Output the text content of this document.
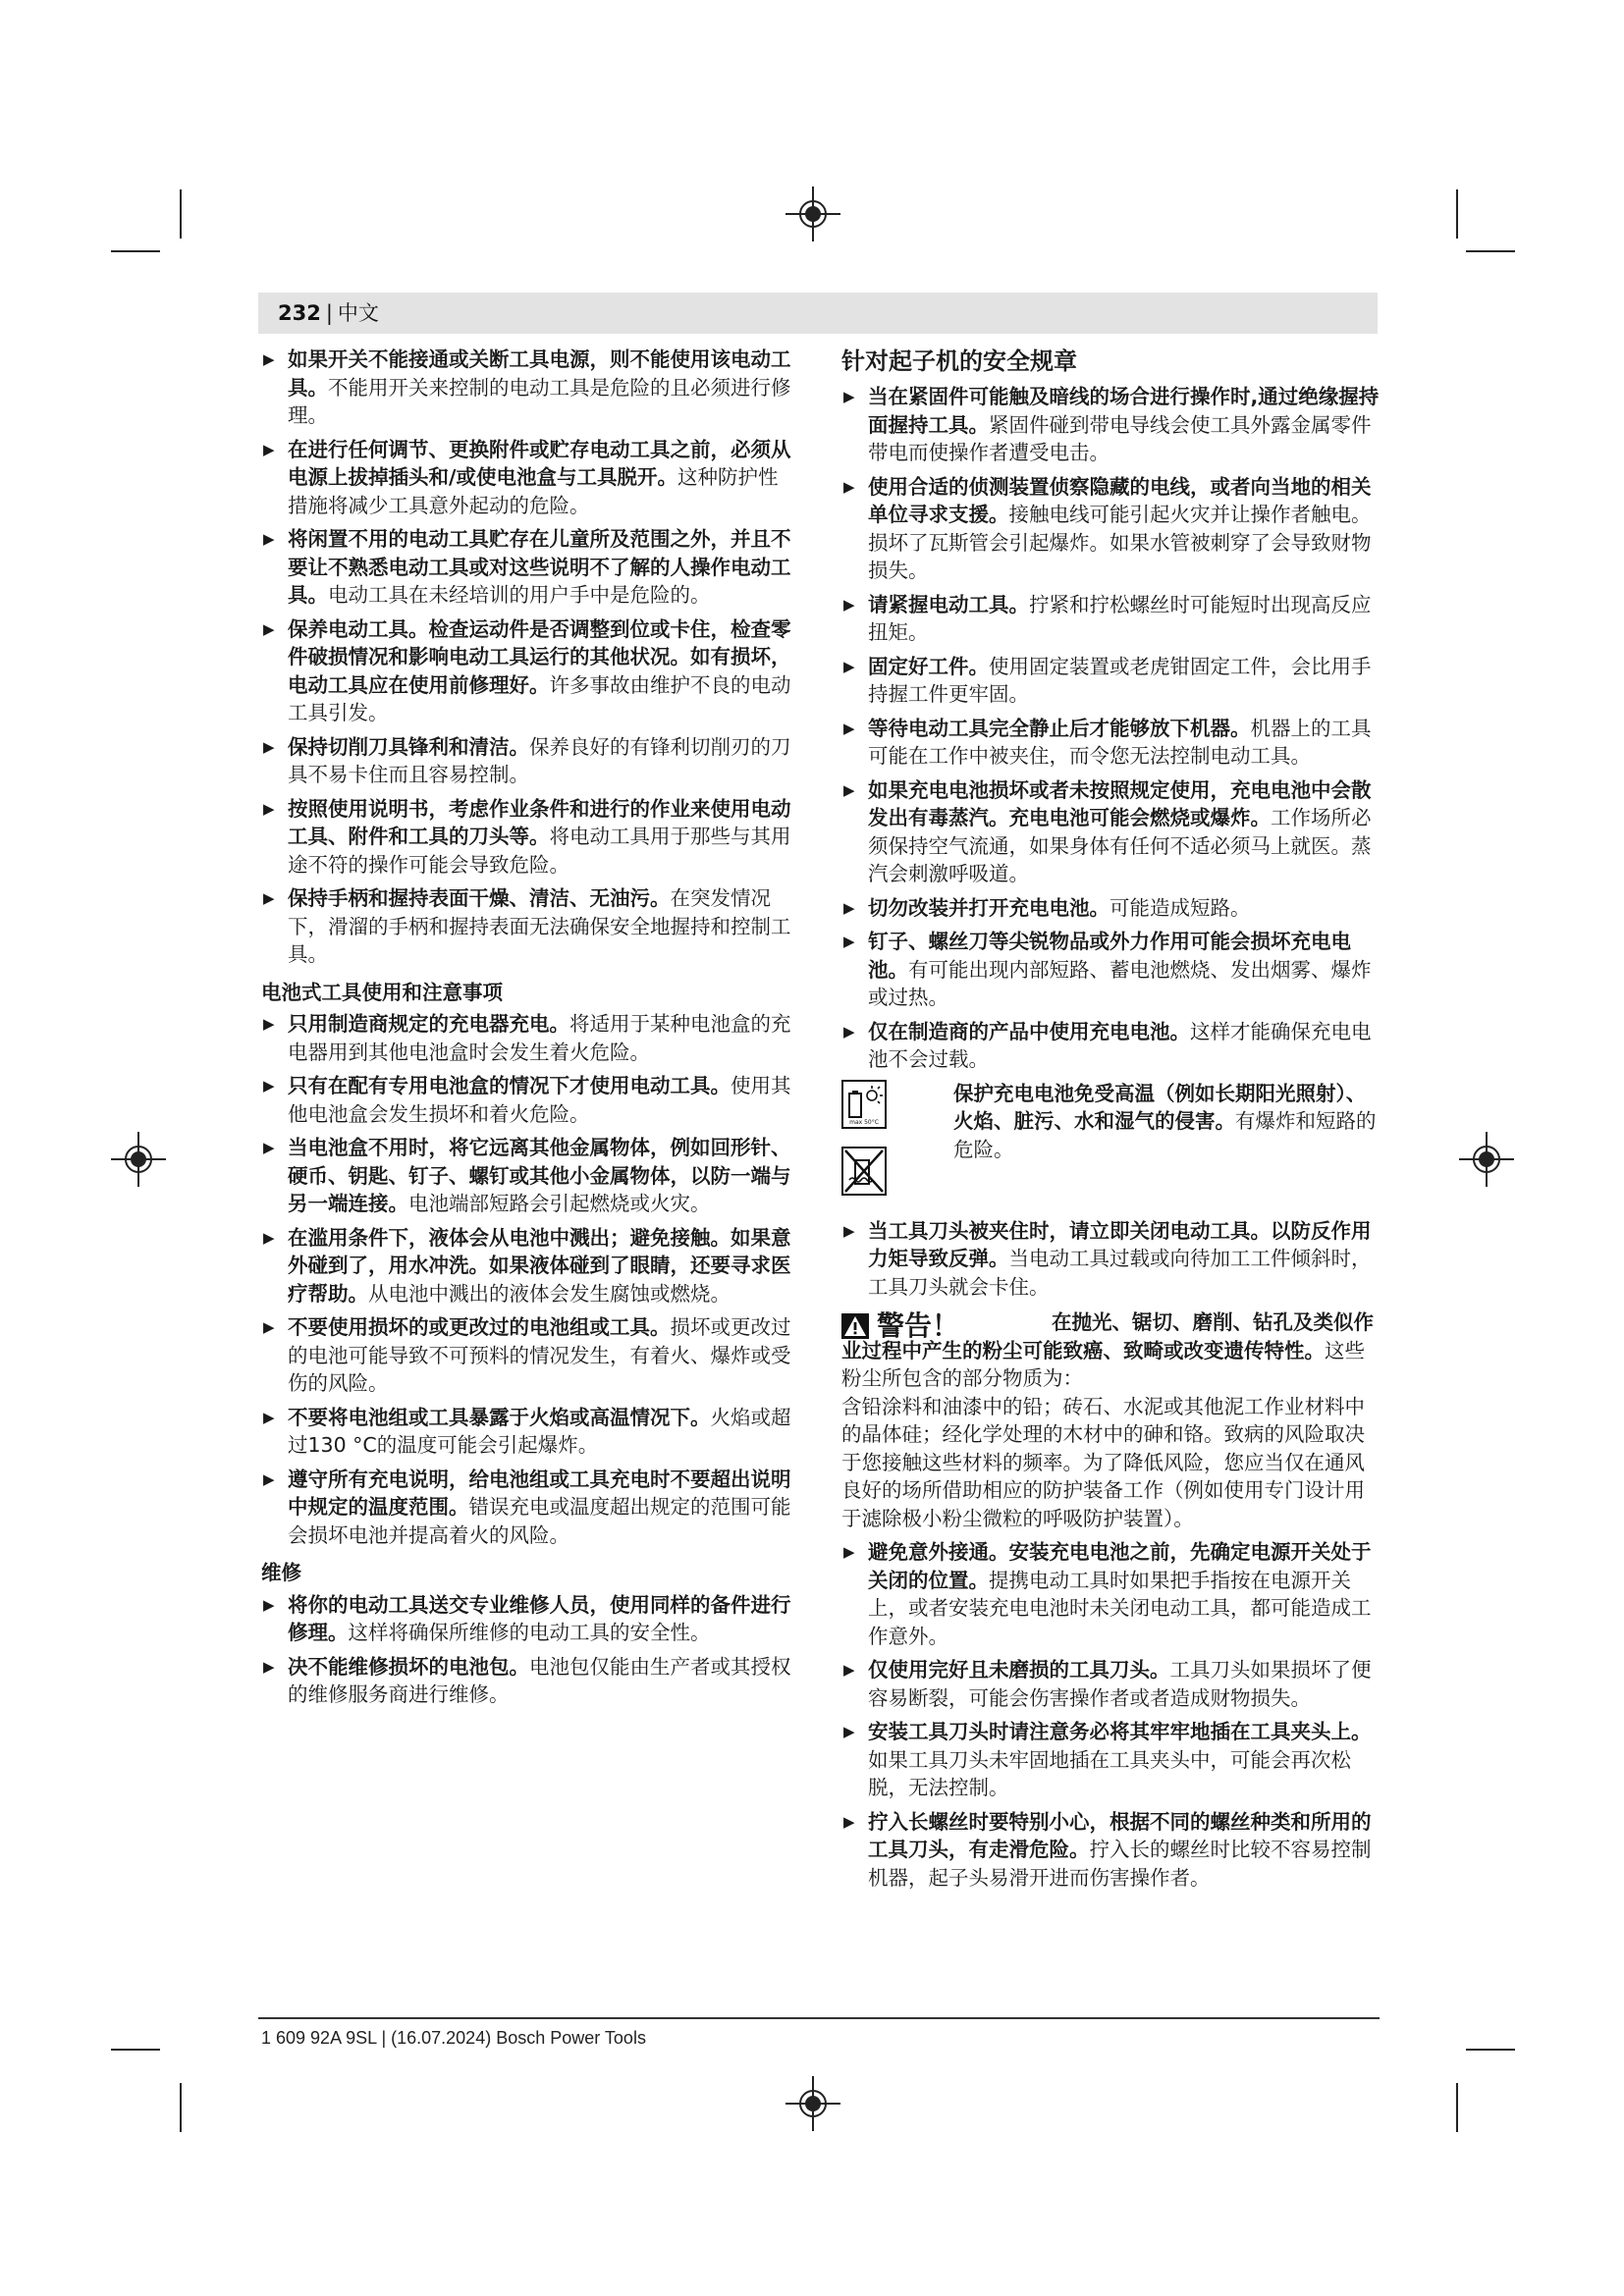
232 | 中文
▶ 如果开关不能接通或关断工具电源，则不能使用该电动工具。不能用开关来控制的电动工具是危险的且必须进行修理。
▶ 在进行任何调节、更换附件或贮存电动工具之前，必须从电源上拔掉插头和/或使电池盒与工具脱开。这种防护性措施将减少工具意外起动的危险。
▶ 将闲置不用的电动工具贮存在儿童所及范围之外，并且不要让不熟悉电动工具或对这些说明不了解的人操作电动工具。电动工具在未经培训的用户手中是危险的。
▶ 保养电动工具。检查运动件是否调整到位或卡住，检查零件破损情况和影响电动工具运行的其他状况。如有损坏，电动工具应在使用前修理好。许多事故由维护不良的电动工具引发。
▶ 保持切削刀具锋利和清洁。保养良好的有锋利切削刃的刀具不易卡住而且容易控制。
▶ 按照使用说明书，考虑作业条件和进行的作业来使用电动工具、附件和工具的刀头等。将电动工具用于那些与其用途不符的操作可能会导致危险。
▶ 保持手柄和握持表面干燥、清洁、无油污。在突发情况下，滑溜的手柄和握持表面无法确保安全地握持和控制工具。
电池式工具使用和注意事项
▶ 只用制造商规定的充电器充电。将适用于某种电池盒的充电器用到其他电池盒时会发生着火危险。
▶ 只有在配有专用电池盒的情况下才使用电动工具。使用其他电池盒会发生损坏和着火危险。
▶ 当电池盒不用时，将它远离其他金属物体，例如回形针、硬币、钥匙、钉子、螺钉或其他小金属物体，以防一端与另一端连接。电池端部短路会引起燃烧或火灾。
▶ 在滥用条件下，液体会从电池中溅出；避免接触。如果意外碰到了，用水冲洗。如果液体碰到了眼睛，还要寻求医疗帮助。从电池中溅出的液体会发生腐蚀或燃烧。
▶ 不要使用损坏的或更改过的电池组或工具。损坏或更改过的电池可能导致不可预料的情况发生，有着火、爆炸或受伤的风险。
▶ 不要将电池组或工具暴露于火焰或高温情况下。火焰或超过130 °C的温度可能会引起爆炸。
▶ 遵守所有充电说明，给电池组或工具充电时不要超出说明中规定的温度范围。错误充电或温度超出规定的范围可能会损坏电池并提高着火的风险。
维修
▶ 将你的电动工具送交专业维修人员，使用同样的备件进行修理。这样将确保所维修的电动工具的安全性。
▶ 决不能维修损坏的电池包。电池包仅能由生产者或其授权的维修服务商进行维修。
针对起子机的安全规章
▶ 当在紧固件可能触及暗线的场合进行操作时,通过绝缘握持面握持工具。紧固件碰到带电导线会使工具外露金属零件带电而使操作者遭受电击。
▶ 使用合适的侦测装置侦察隐藏的电线，或者向当地的相关单位寻求支援。接触电线可能引起火灾并让操作者触电。损坏了瓦斯管会引起爆炸。如果水管被刺穿了会导致财物损失。
▶ 请紧握电动工具。拧紧和拧松螺丝时可能短时出现高反应扭矩。
▶ 固定好工件。使用固定装置或老虎钳固定工件，会比用手持握工件更牢固。
▶ 等待电动工具完全静止后才能够放下机器。机器上的工具可能在工作中被夹住，而令您无法控制电动工具。
▶ 如果充电电池损坏或者未按照规定使用，充电电池中会散发出有毒蒸汽。充电电池可能会燃烧或爆炸。工作场所必须保持空气流通，如果身体有任何不适必须马上就医。蒸汽会刺激呼吸道。
▶ 切勿改装并打开充电电池。可能造成短路。
▶ 钉子、螺丝刀等尖锐物品或外力作用可能会损坏充电电池。有可能出现内部短路、蓄电池燃烧、发出烟雾、爆炸或过热。
▶ 仅在制造商的产品中使用充电电池。这样才能确保充电电池不会过载。
max 50°C
保护充电电池免受高温（例如长期阳光照射）、火焰、脏污、水和湿气的侵害。有爆炸和短路的危险。
▶ 当工具刀头被夹住时，请立即关闭电动工具。以防反作用力矩导致反弹。当电动工具过载或向待加工工件倾斜时，工具刀头就会卡住。
警告！	在抛光、锯切、磨削、钻孔及类似作业过程中产生的粉尘可能致癌、致畸或改变遗传特性。这些粉尘所包含的部分物质为：
含铅涂料和油漆中的铅；砖石、水泥或其他泥工作业材料中的晶体硅；经化学处理的木材中的砷和铬。致病的风险取决于您接触这些材料的频率。为了降低风险，您应当仅在通风良好的场所借助相应的防护装备工作（例如使用专门设计用于滤除极小粉尘微粒的呼吸防护装置）。
▶ 避免意外接通。安装充电电池之前，先确定电源开关处于关闭的位置。提携电动工具时如果把手指按在电源开关上，或者安装充电电池时未关闭电动工具，都可能造成工作意外。
▶ 仅使用完好且未磨损的工具刀头。工具刀头如果损坏了便容易断裂，可能会伤害操作者或者造成财物损失。
▶ 安装工具刀头时请注意务必将其牢牢地插在工具夹头上。如果工具刀头未牢固地插在工具夹头中，可能会再次松脱，无法控制。
▶ 拧入长螺丝时要特别小心，根据不同的螺丝种类和所用的工具刀头，有走滑危险。拧入长的螺丝时比较不容易控制机器，起子头易滑开进而伤害操作者。
1 609 92A 9SL | (16.07.2024) Bosch Power Tools
